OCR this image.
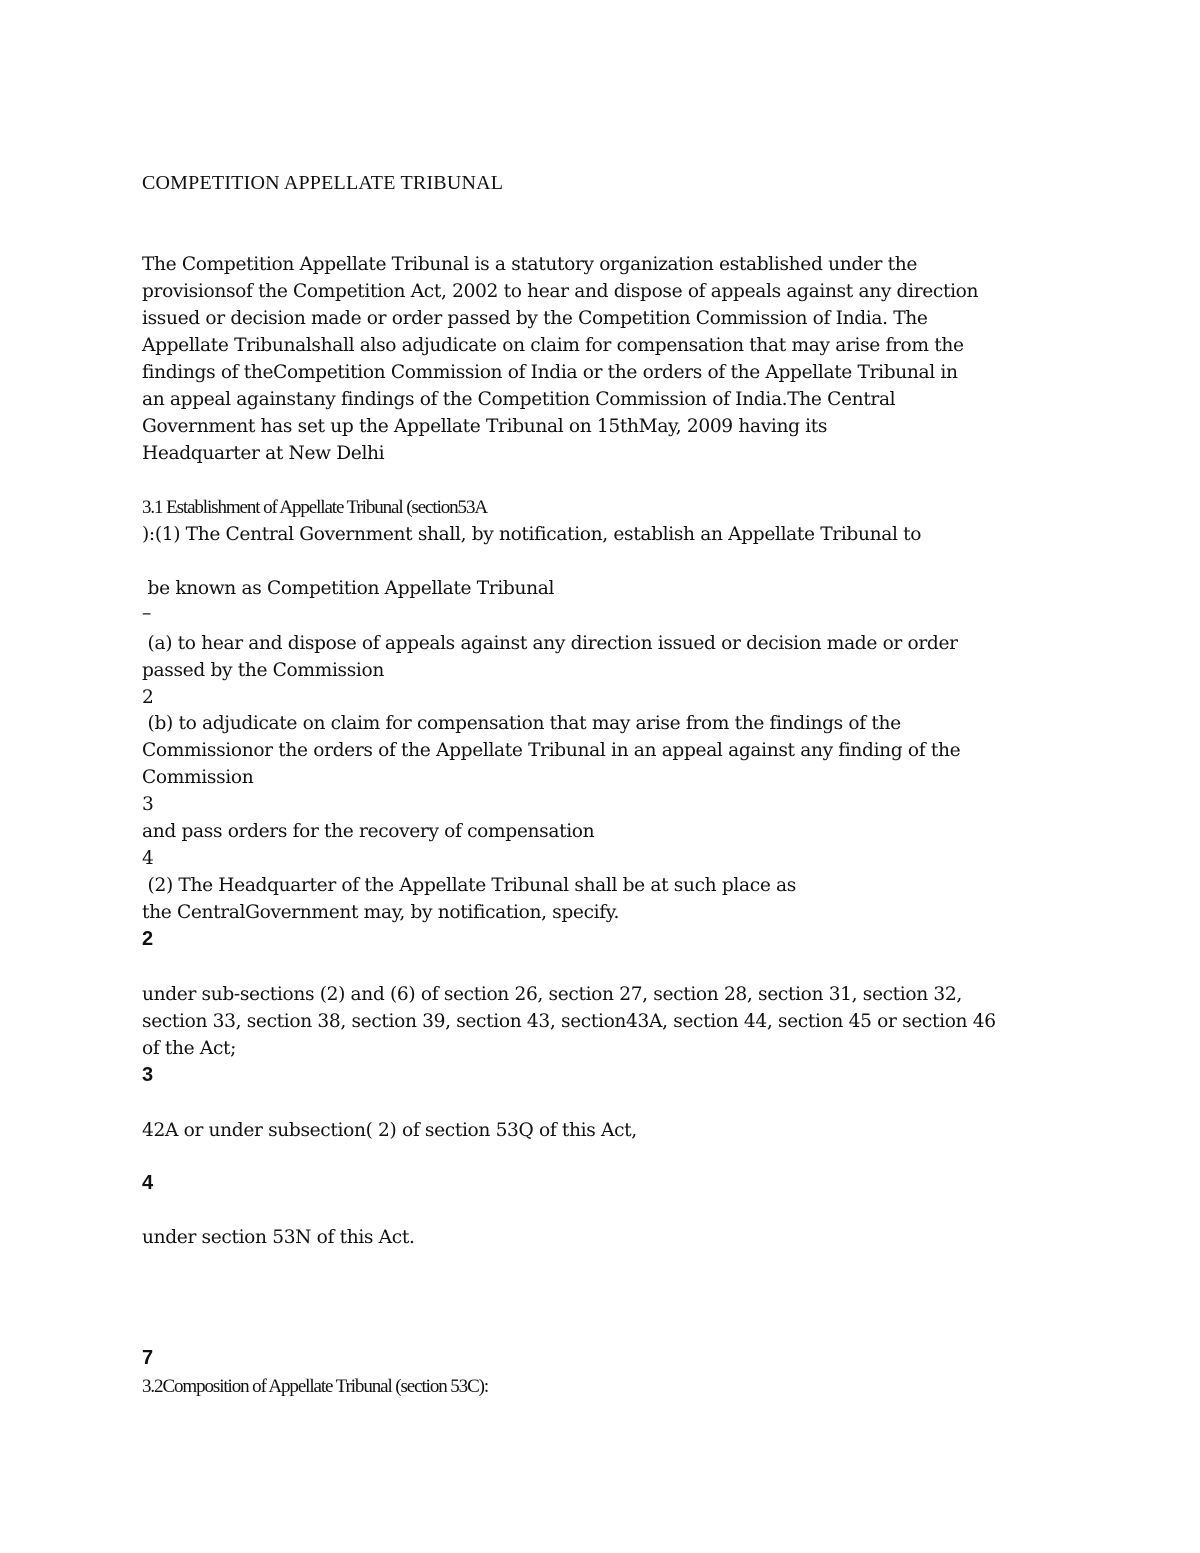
COMPETITION APPELLATE TRIBUNAL
The Competition Appellate Tribunal is a statutory organization established under the
provisionsof the Competition Act, 2002 to hear and dispose of appeals against any direction
issued or decision made or order passed by the Competition Commission of India. The
Appellate Tribunalshall also adjudicate on claim for compensation that may arise from the
findings of theCompetition Commission of India or the orders of the Appellate Tribunal in
an appeal againstany findings of the Competition Commission of India.The Central
Government has set up the Appellate Tribunal on 15thMay, 2009 having its
Headquarter at New Delhi
3.1 Establishment of Appellate Tribunal (section53A
):(1) The Central Government shall, by notification, establish an Appellate Tribunal to
be known as Competition Appellate Tribunal
–
(a) to hear and dispose of appeals against any direction issued or decision made or order
passed by the Commission
2
(b) to adjudicate on claim for compensation that may arise from the findings of the
Commissionor the orders of the Appellate Tribunal in an appeal against any finding of the
Commission
3
and pass orders for the recovery of compensation
4
(2) The Headquarter of the Appellate Tribunal shall be at such place as
the CentralGovernment may, by notification, specify.
2
under sub-sections (2) and (6) of section 26, section 27, section 28, section 31, section 32,
section 33, section 38, section 39, section 43, section43A, section 44, section 45 or section 46
of the Act;
3
42A or under subsection( 2) of section 53Q of this Act,
4
under section 53N of this Act.
7
3.2Composition of Appellate Tribunal (section 53C):
